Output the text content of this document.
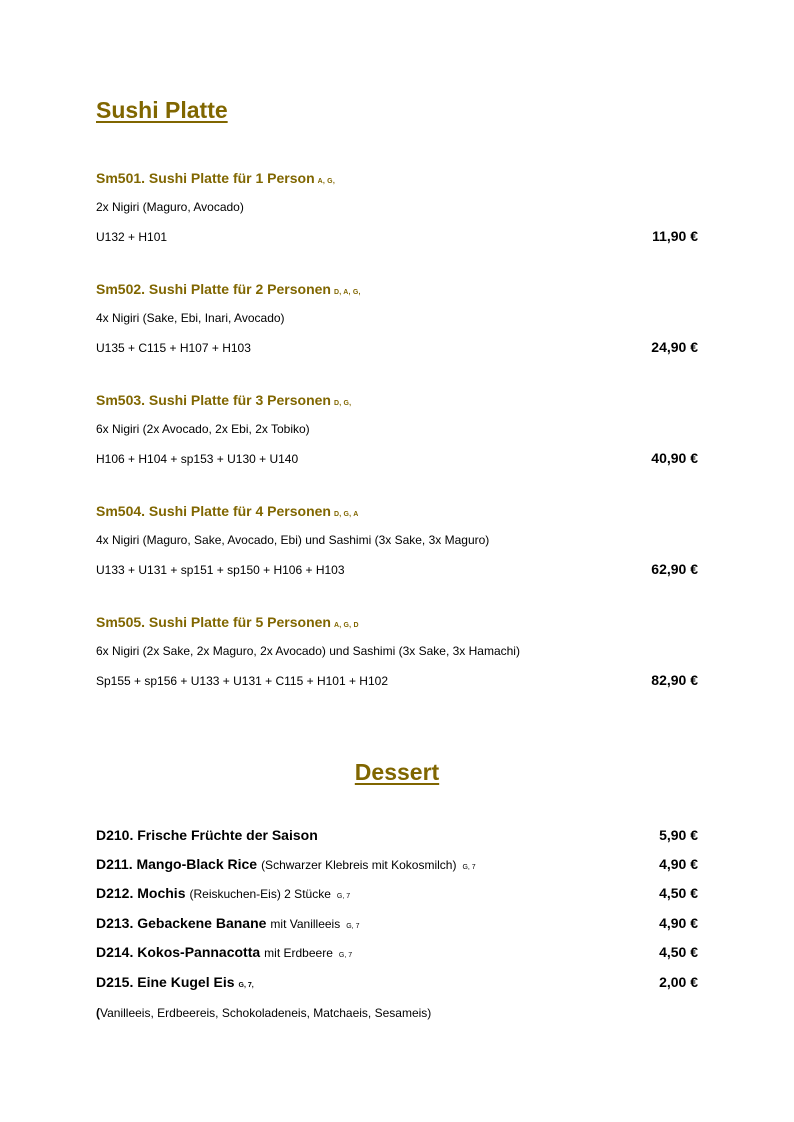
Sushi Platte
Sm501. Sushi Platte für 1 Person A, G,
2x Nigiri (Maguro, Avocado)
U132 + H101	11,90 €
Sm502. Sushi Platte für 2 Personen D, A, G,
4x Nigiri (Sake, Ebi, Inari, Avocado)
U135 + C115 + H107 + H103	24,90 €
Sm503. Sushi Platte für 3 Personen D, G,
6x Nigiri (2x Avocado, 2x Ebi, 2x Tobiko)
H106 + H104 + sp153 + U130 + U140	40,90 €
Sm504. Sushi Platte für 4 Personen D, G, A
4x Nigiri (Maguro, Sake, Avocado, Ebi) und Sashimi (3x Sake, 3x Maguro)
U133 + U131 + sp151 + sp150 + H106 + H103	62,90 €
Sm505. Sushi Platte für 5 Personen A, G, D
6x Nigiri (2x Sake, 2x Maguro, 2x Avocado) und Sashimi (3x Sake, 3x Hamachi)
Sp155 + sp156 + U133 + U131 + C115 + H101 + H102	82,90 €
Dessert
D210. Frische Früchte der Saison	5,90 €
D211. Mango-Black Rice (Schwarzer Klebreis mit Kokosmilch) G, 7	4,90 €
D212. Mochis (Reiskuchen-Eis) 2 Stücke G, 7	4,50 €
D213. Gebackene Banane mit Vanilleeis G, 7	4,90 €
D214. Kokos-Pannacotta mit Erdbeere G, 7	4,50 €
D215. Eine Kugel Eis G, 7,	2,00 €
(Vanilleeis, Erdbeereis, Schokoladeneis, Matchaeis, Sesameis)
